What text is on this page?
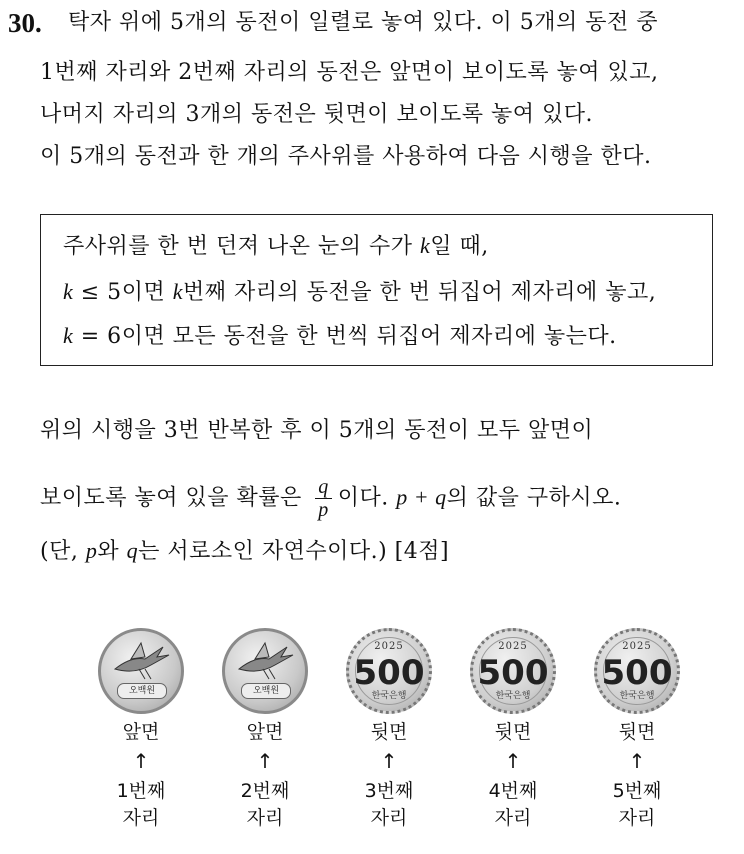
30. 탁자 위에 5개의 동전이 일렬로 놓여 있다. 이 5개의 동전 중
1번째 자리와 2번째 자리의 동전은 앞면이 보이도록 놓여 있고,
나머지 자리의 3개의 동전은 뒷면이 보이도록 놓여 있다.
이 5개의 동전과 한 개의 주사위를 사용하여 다음 시행을 한다.
주사위를 한 번 던져 나온 눈의 수가 k일 때,
k ≤ 5이면 k번째 자리의 동전을 한 번 뒤집어 제자리에 놓고,
k = 6이면 모든 동전을 한 번씩 뒤집어 제자리에 놓는다.
위의 시행을 3번 반복한 후 이 5개의 동전이 모두 앞면이
보이도록 놓여 있을 확률은 $\frac{q}{p}$ 이다. p + q의 값을 구하시오.
(단, p와 q는 서로소인 자연수이다.) [4점]
오백원
앞면
↑
1번째
자리
오백원
앞면
↑
2번째
자리
2025
500
한국은행
뒷면
↑
3번째
자리
2025
500
한국은행
뒷면
↑
4번째
자리
2025
500
한국은행
뒷면
↑
5번째
자리
